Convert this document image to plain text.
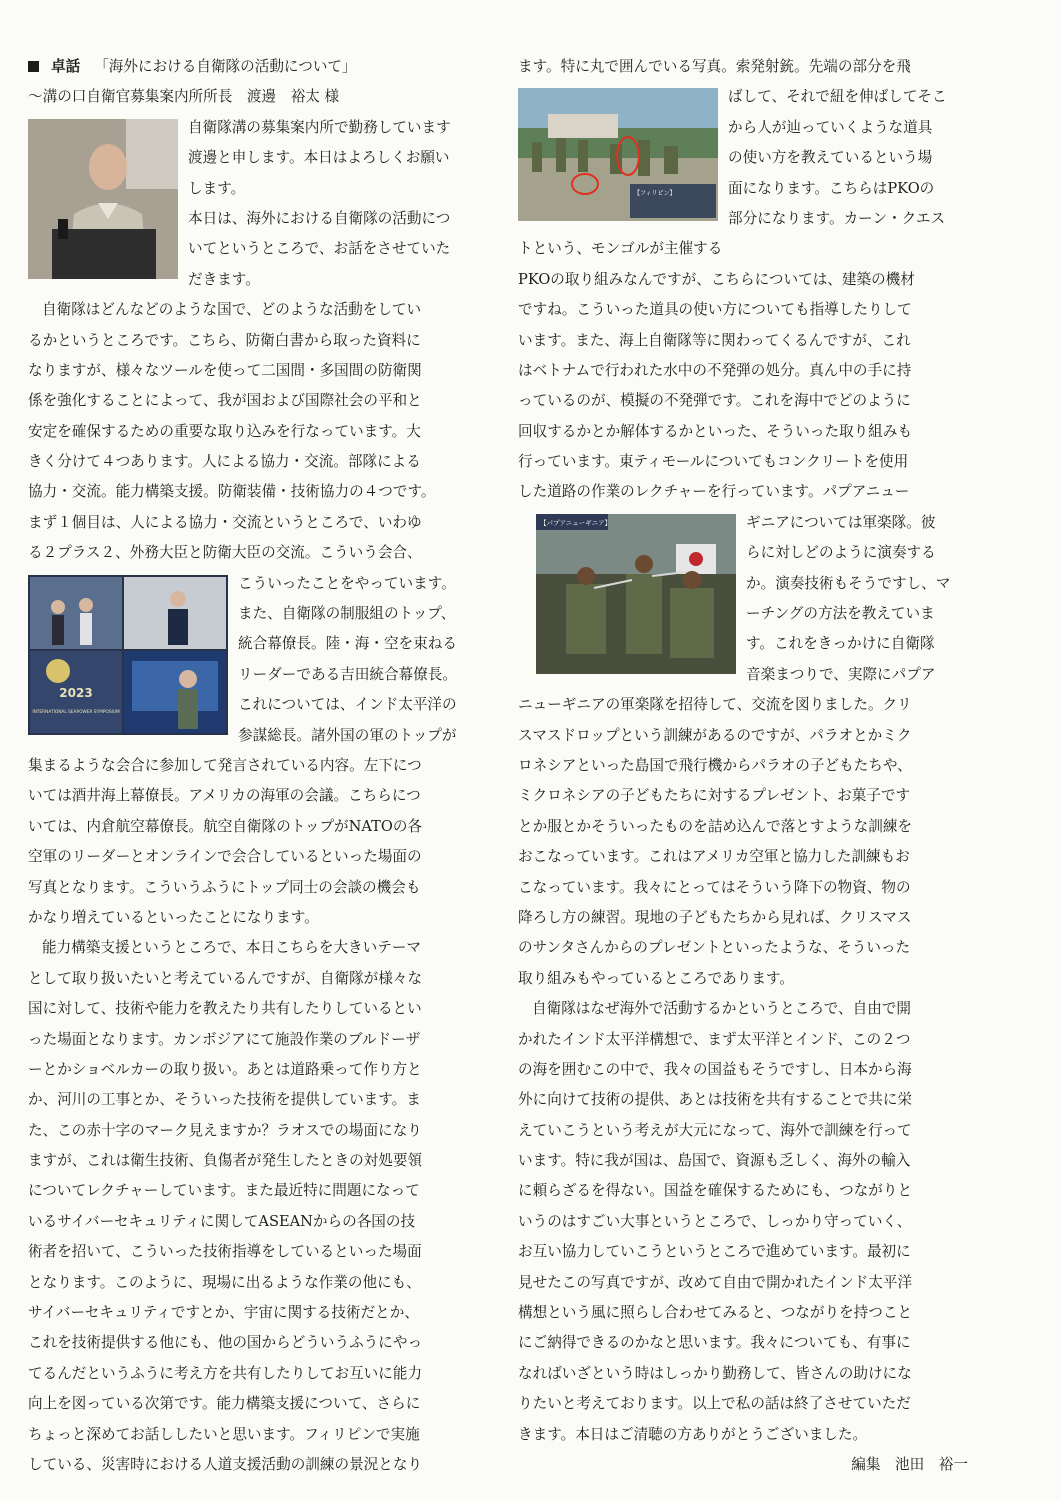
卓話 「海外における自衛隊の活動について」
〜溝の口自衛官募集案内所所長　渡邊　裕太 様
自衛隊溝の募集案内所で勤務しています
渡邊と申します。本日はよろしくお願い
します。
本日は、海外における自衛隊の活動につ
いてというところで、お話をさせていた
だきます。
自衛隊はどんなどのような国で、どのような活動をしてい
るかというところです。こちら、防衛白書から取った資料に
なりますが、様々なツールを使って二国間・多国間の防衛関
係を強化することによって、我が国および国際社会の平和と
安定を確保するための重要な取り込みを行なっています。大
きく分けて４つあります。人による協力・交流。部隊による
協力・交流。能力構築支援。防衛装備・技術協力の４つです。
まず１個目は、人による協力・交流というところで、いわゆ
る２プラス２、外務大臣と防衛大臣の交流。こういう会合、
2023
INTERNATIONAL SEAPOWER SYMPOSIUM
こういったことをやっています。
また、自衛隊の制服組のトップ、
統合幕僚長。陸・海・空を束ねる
リーダーである吉田統合幕僚長。
これについては、インド太平洋の
参謀総長。諸外国の軍のトップが
集まるような会合に参加して発言されている内容。左下につ
いては酒井海上幕僚長。アメリカの海軍の会議。こちらにつ
いては、内倉航空幕僚長。航空自衛隊のトップがNATOの各
空軍のリーダーとオンラインで会合しているといった場面の
写真となります。こういうふうにトップ同士の会談の機会も
かなり増えているといったことになります。
能力構築支援というところで、本日こちらを大きいテーマ
として取り扱いたいと考えているんですが、自衛隊が様々な
国に対して、技術や能力を教えたり共有したりしているとい
った場面となります。カンボジアにて施設作業のブルドーザ
ーとかショベルカーの取り扱い。あとは道路乗って作り方と
か、河川の工事とか、そういった技術を提供しています。ま
た、この赤十字のマーク見えますか？ラオスでの場面になり
ますが、これは衛生技術、負傷者が発生したときの対処要領
についてレクチャーしています。また最近特に問題になって
いるサイバーセキュリティに関してASEANからの各国の技
術者を招いて、こういった技術指導をしているといった場面
となります。このように、現場に出るような作業の他にも、
サイバーセキュリティですとか、宇宙に関する技術だとか、
これを技術提供する他にも、他の国からどういうふうにやっ
てるんだというふうに考え方を共有したりしてお互いに能力
向上を図っている次第です。能力構築支援について、さらに
ちょっと深めてお話ししたいと思います。フィリピンで実施
している、災害時における人道支援活動の訓練の景況となり
ます。特に丸で囲んでいる写真。索発射銃。先端の部分を飛
【フィリピン】
ばして、それで紐を伸ばしてそこ
から人が辿っていくような道具
の使い方を教えているという場
面になります。こちらはPKOの
部分になります。カーン・クエス
トという、モンゴルが主催する
PKOの取り組みなんですが、こちらについては、建築の機材
ですね。こういった道具の使い方についても指導したりして
います。また、海上自衛隊等に関わってくるんですが、これ
はベトナムで行われた水中の不発弾の処分。真ん中の手に持
っているのが、模擬の不発弾です。これを海中でどのように
回収するかとか解体するかといった、そういった取り組みも
行っています。東ティモールについてもコンクリートを使用
した道路の作業のレクチャーを行っています。パプアニュー
【パプアニューギニア】	ギニアについては軍楽隊。彼
らに対しどのように演奏する
か。演奏技術もそうですし、マ
ーチングの方法を教えていま
す。これをきっかけに自衛隊
音楽まつりで、実際にパプア
ニューギニアの軍楽隊を招待して、交流を図りました。クリ
スマスドロップという訓練があるのですが、パラオとかミク
ロネシアといった島国で飛行機からパラオの子どもたちや、
ミクロネシアの子どもたちに対するプレゼント、お菓子です
とか服とかそういったものを詰め込んで落とすような訓練を
おこなっています。これはアメリカ空軍と協力した訓練もお
こなっています。我々にとってはそういう降下の物資、物の
降ろし方の練習。現地の子どもたちから見れば、クリスマス
のサンタさんからのプレゼントといったような、そういった
取り組みもやっているところであります。
自衛隊はなぜ海外で活動するかというところで、自由で開
かれたインド太平洋構想で、まず太平洋とインド、この２つ
の海を囲むこの中で、我々の国益もそうですし、日本から海
外に向けて技術の提供、あとは技術を共有することで共に栄
えていこうという考えが大元になって、海外で訓練を行って
います。特に我が国は、島国で、資源も乏しく、海外の輸入
に頼らざるを得ない。国益を確保するためにも、つながりと
いうのはすごい大事というところで、しっかり守っていく、
お互い協力していこうというところで進めています。最初に
見せたこの写真ですが、改めて自由で開かれたインド太平洋
構想という風に照らし合わせてみると、つながりを持つこと
にご納得できるのかなと思います。我々についても、有事に
なればいざという時はしっかり勤務して、皆さんの助けにな
りたいと考えております。以上で私の話は終了させていただ
きます。本日はご清聴の方ありがとうございました。
編集　池田　裕一
